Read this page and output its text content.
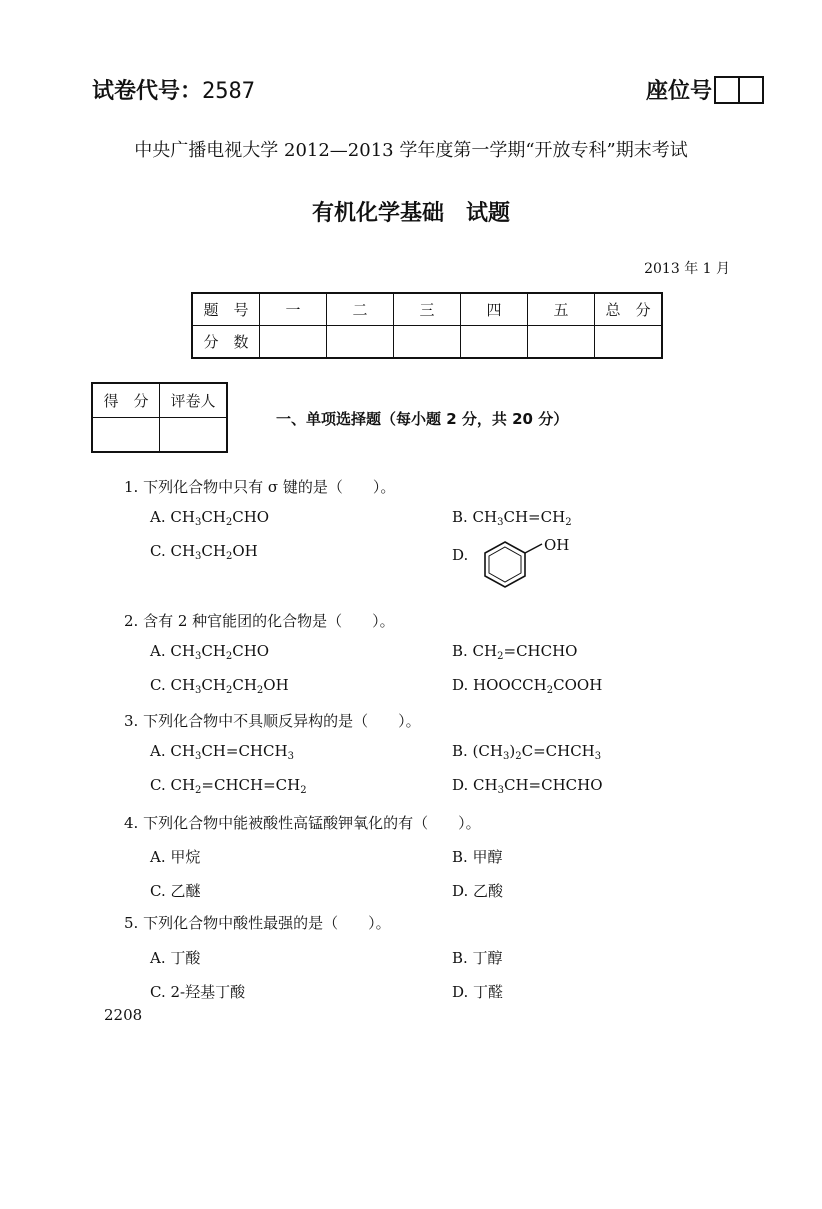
试卷代号：2587	座位号
中央广播电视大学 2012—2013 学年度第一学期“开放专科”期末考试
有机化学基础　试题
2013 年 1 月
题　号	一	二	三	四	五	总　分
分　数						
得　分	评卷人

一、单项选择题（每小题 2 分，共 20 分）
1. 下列化合物中只有 σ 键的是（　　）。
A. $CH_3CH_2CHO$	B. $CH_3CH=CH_2$
C. $CH_3CH_2OH$	D.
OH
2. 含有 2 种官能团的化合物是（　　）。
A. $CH_3CH_2CHO$	B. $CH_2=CHCHO$
C. $CH_3CH_2CH_2OH$	D. $HOOCCH_2COOH$
3. 下列化合物中不具顺反异构的是（　　）。
A. $CH_3CH=CHCH_3$	B. $(CH_3)_2C=CHCH_3$
C. $CH_2=CHCH=CH_2$	D. $CH_3CH=CHCHO$
4. 下列化合物中能被酸性高锰酸钾氧化的有（　　）。
A. 甲烷	B. 甲醇
C. 乙醚	D. 乙酸
5. 下列化合物中酸性最强的是（　　）。
A. 丁酸	B. 丁醇
C. 2-羟基丁酸	D. 丁醛
2208
